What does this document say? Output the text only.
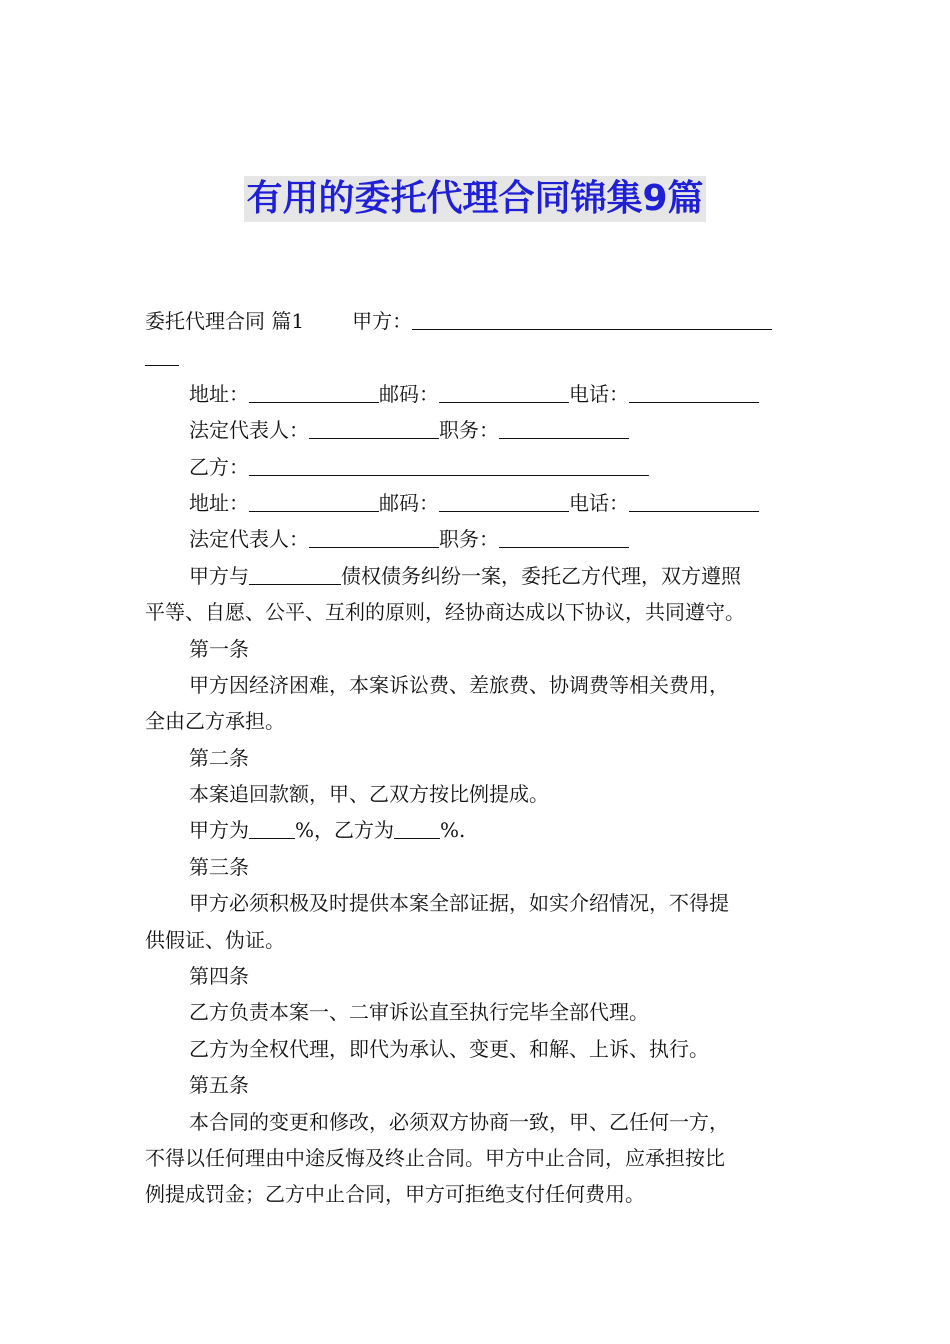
有用的委托代理合同锦集9篇
委托代理合同 篇1 甲方：
地址：	邮码：	电话：
法定代表人：	职务：
乙方：
地址：	邮码：	电话：
法定代表人：	职务：
甲方与	债权债务纠纷一案，委托乙方代理，双方遵照
平等、自愿、公平、互利的原则，经协商达成以下协议，共同遵守。
第一条
甲方因经济困难，本案诉讼费、差旅费、协调费等相关费用，
全由乙方承担。
第二条
本案追回款额，甲、乙双方按比例提成。
甲方为 %，乙方为 %.
第三条
甲方必须积极及时提供本案全部证据，如实介绍情况，不得提
供假证、伪证。
第四条
乙方负责本案一、二审诉讼直至执行完毕全部代理。
乙方为全权代理，即代为承认、变更、和解、上诉、执行。
第五条
本合同的变更和修改，必须双方协商一致，甲、乙任何一方，
不得以任何理由中途反悔及终止合同。甲方中止合同，应承担按比
例提成罚金；乙方中止合同，甲方可拒绝支付任何费用。
